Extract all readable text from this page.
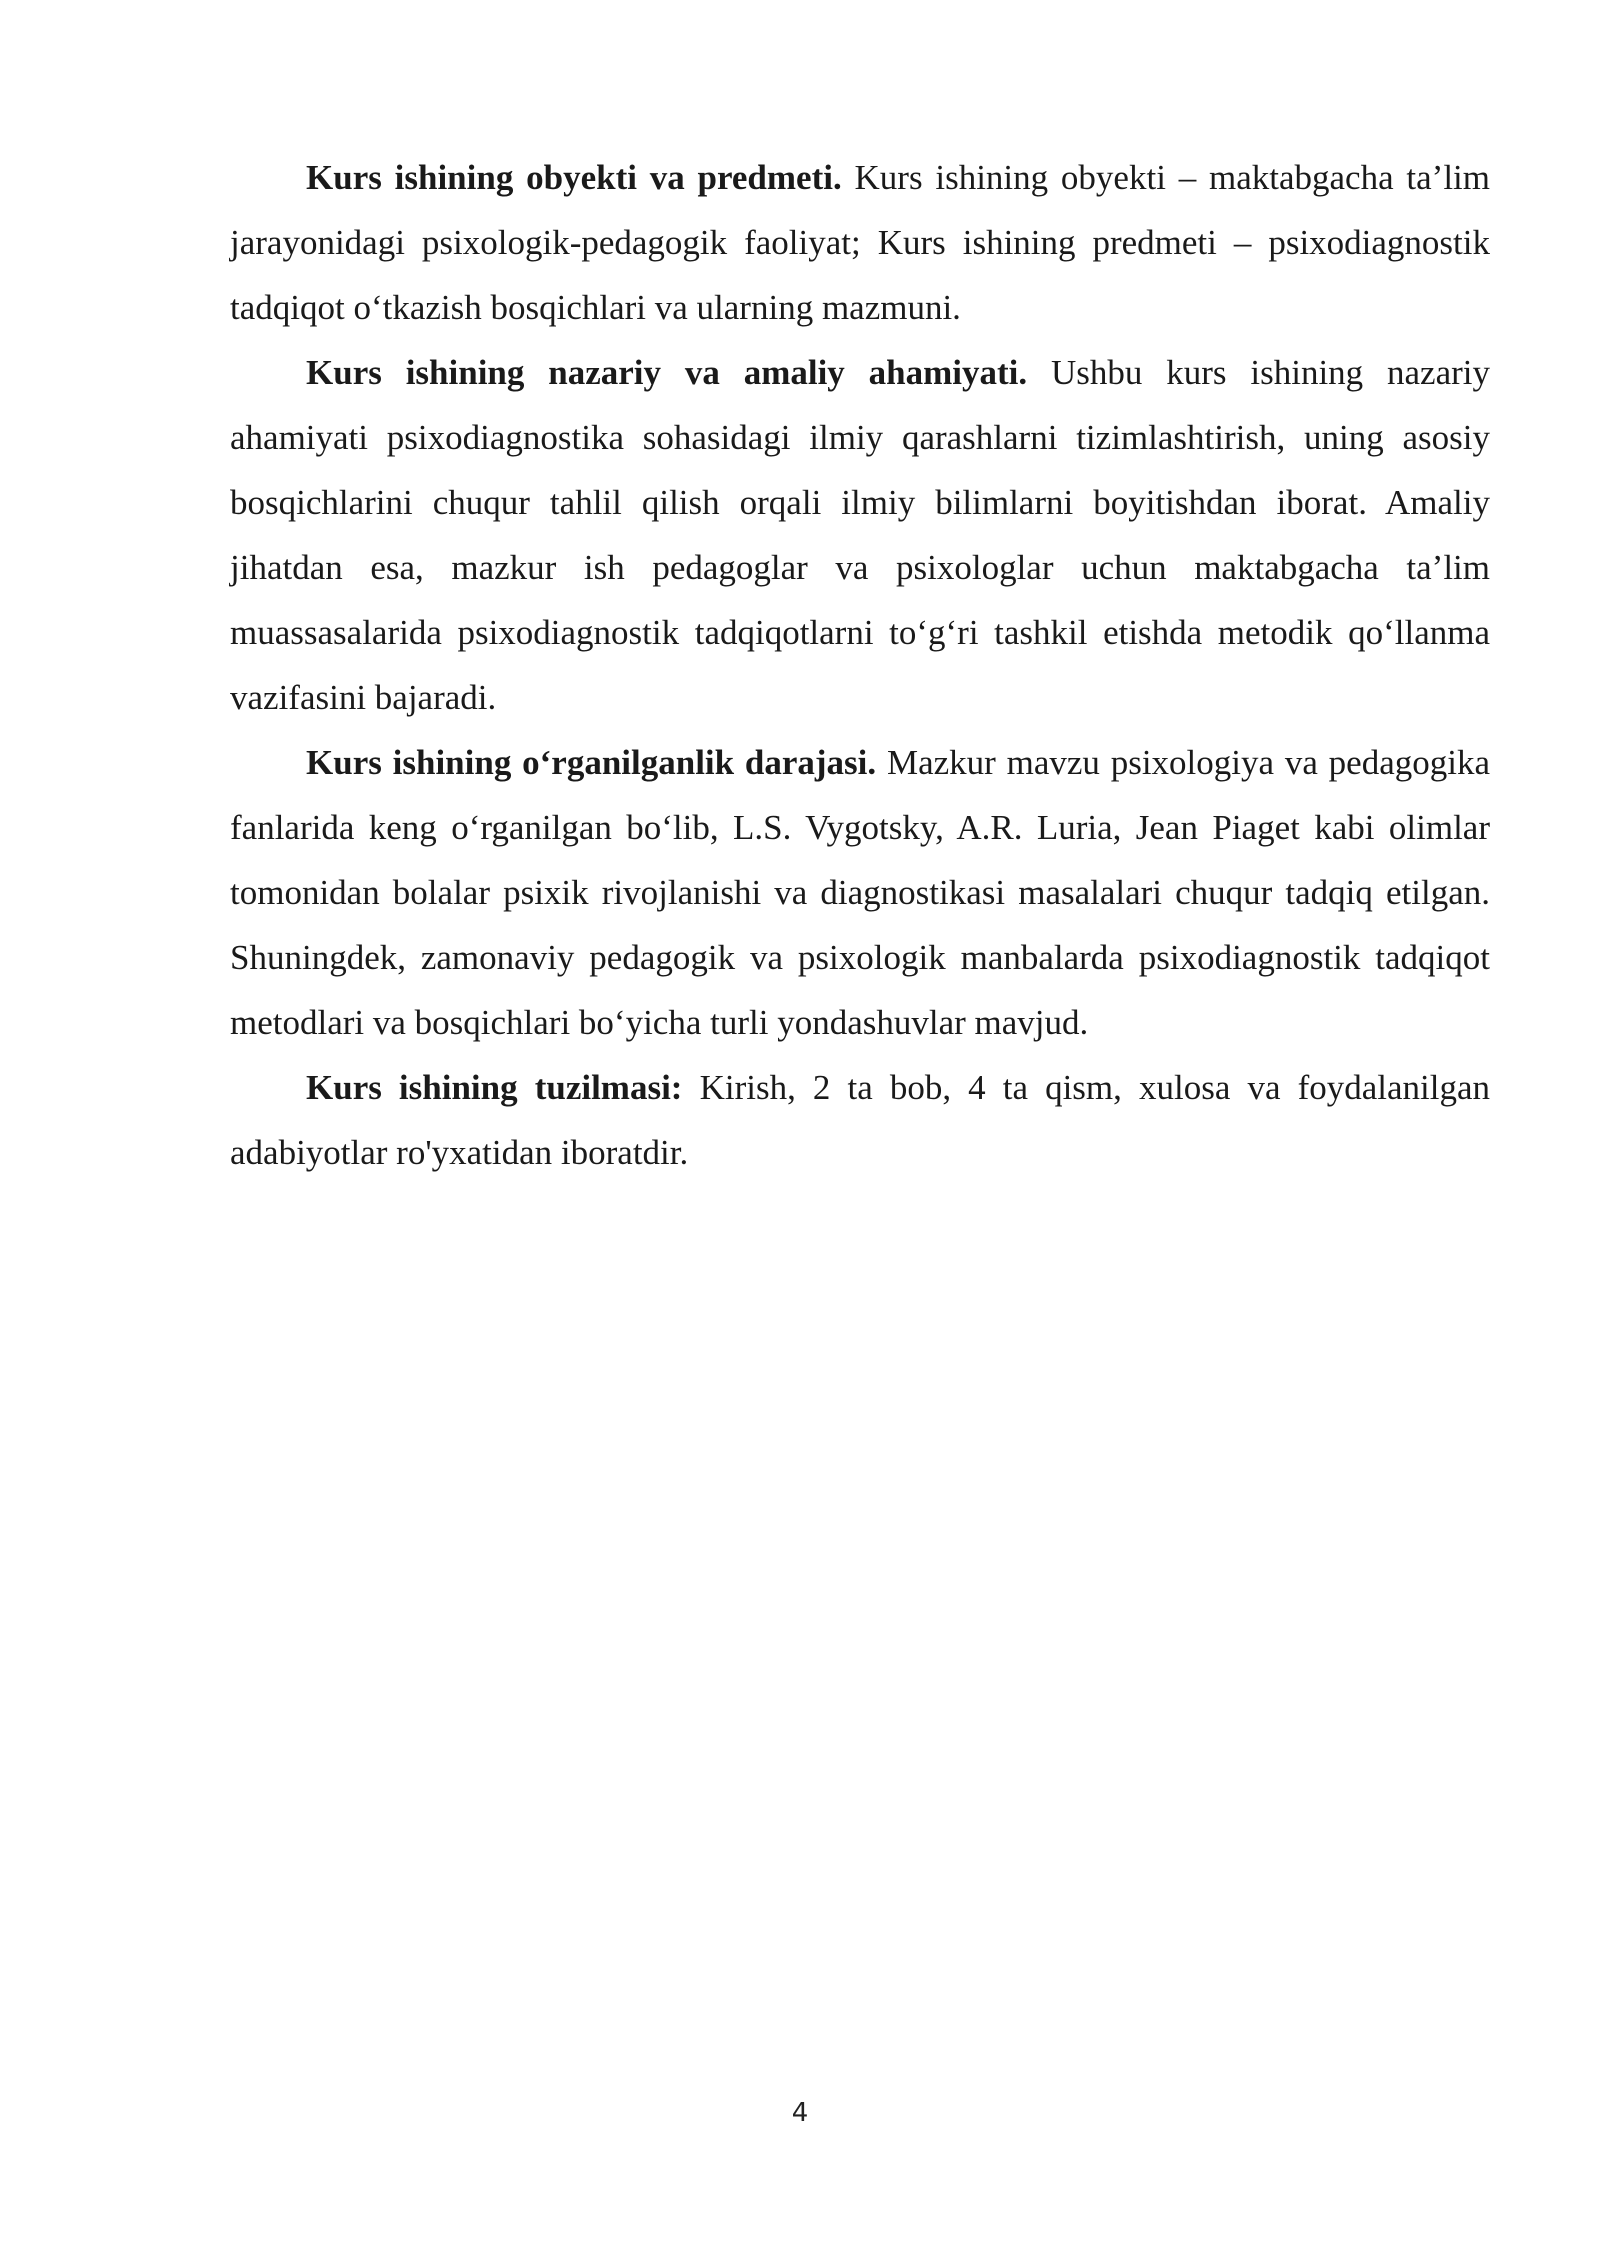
Kurs ishining obyekti va predmeti. Kurs ishining obyekti – maktabgacha ta’lim jarayonidagi psixologik-pedagogik faoliyat; Kurs ishining predmeti – psixodiagnostik tadqiqot oʻtkazish bosqichlari va ularning mazmuni.

Kurs ishining nazariy va amaliy ahamiyati. Ushbu kurs ishining nazariy ahamiyati psixodiagnostika sohasidagi ilmiy qarashlarni tizimlashtirish, uning asosiy bosqichlarini chuqur tahlil qilish orqali ilmiy bilimlarni boyitishdan iborat. Amaliy jihatdan esa, mazkur ish pedagoglar va psixologlar uchun maktabgacha ta’lim muassasalarida psixodiagnostik tadqiqotlarni toʻgʻri tashkil etishda metodik qoʻllanma vazifasini bajaradi.

Kurs ishining oʻrganilganlik darajasi. Mazkur mavzu psixologiya va pedagogika fanlarida keng oʻrganilgan boʻlib, L.S. Vygotsky, A.R. Luria, Jean Piaget kabi olimlar tomonidan bolalar psixik rivojlanishi va diagnostikasi masalalari chuqur tadqiq etilgan. Shuningdek, zamonaviy pedagogik va psixologik manbalarda psixodiagnostik tadqiqot metodlari va bosqichlari boʻyicha turli yondashuvlar mavjud.

Kurs ishining tuzilmasi: Kirish, 2 ta bob, 4 ta qism, xulosa va foydalanilgan adabiyotlar ro'yxatidan iboratdir.

4
